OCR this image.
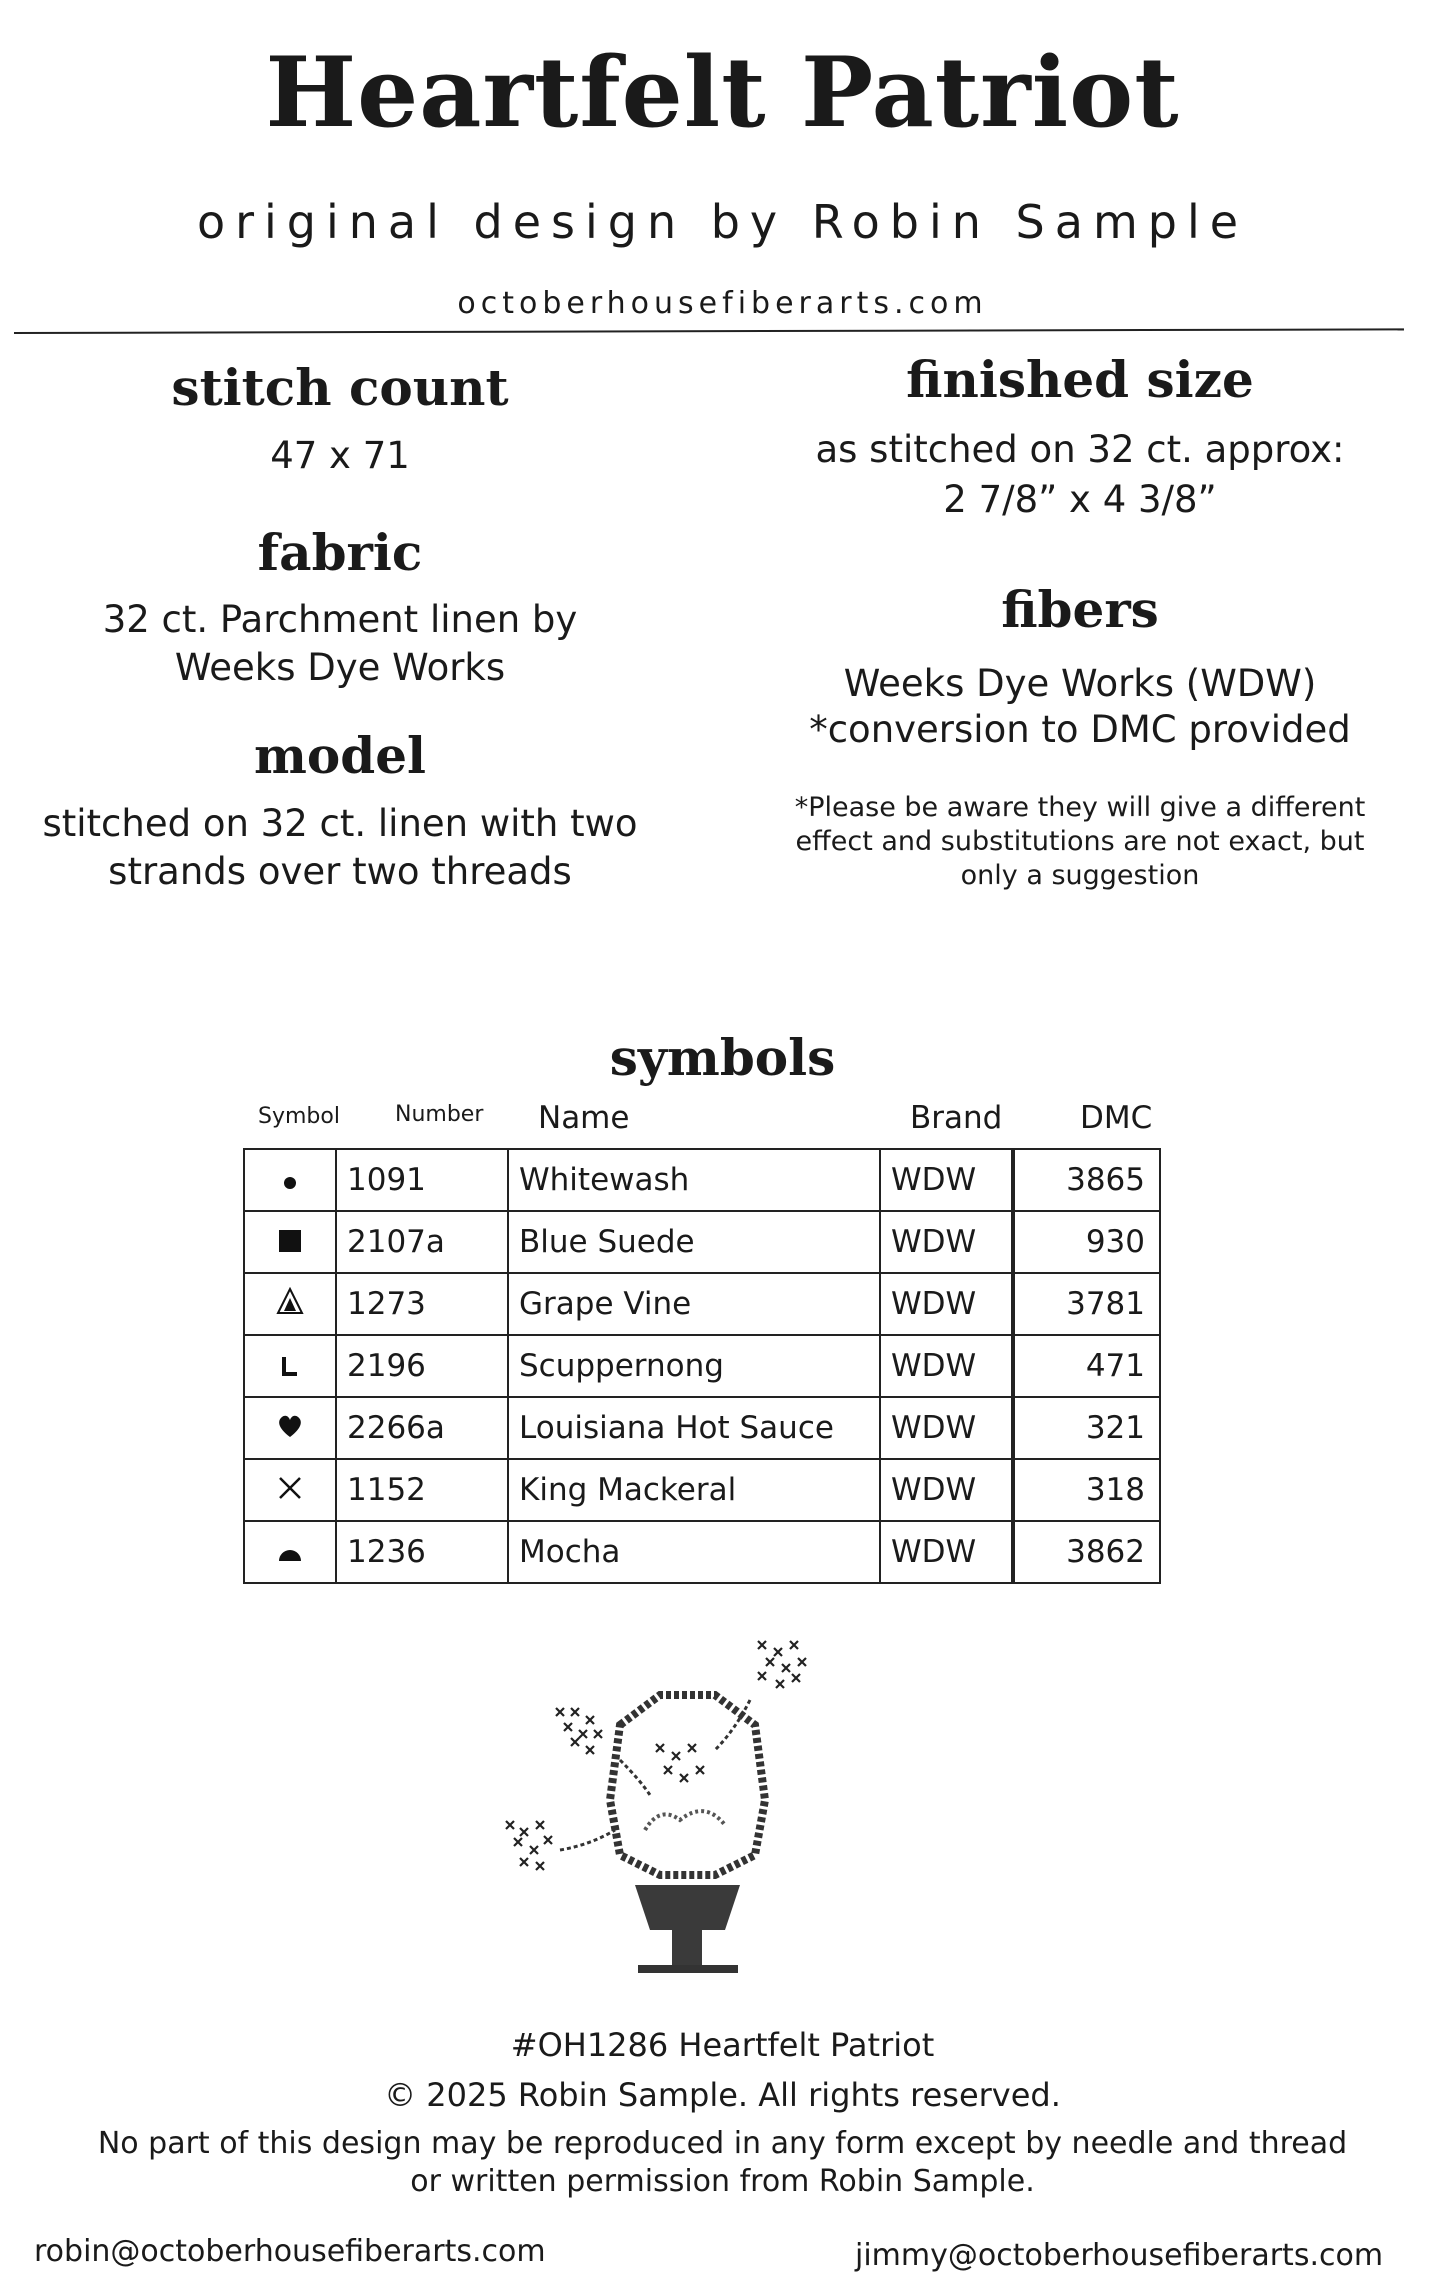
Heartfelt Patriot
original design by Robin Sample
octoberhousefiberarts.com
stitch count
47 x 71
fabric
32 ct. Parchment linen by
Weeks Dye Works
model
stitched on 32 ct. linen with two
strands over two threads
finished size
as stitched on 32 ct. approx:
2 7/8” x 4 3/8”
fibers
Weeks Dye Works (WDW)
*conversion to DMC provided
*Please be aware they will give a different
effect and substitutions are not exact, but
only a suggestion
symbols
Symbol	Number Name	Brand	DMC
	1091	Whitewash	WDW	3865
	2107a	Blue Suede	WDW	930
	1273	Grape Vine	WDW	3781
	2196	Scuppernong	WDW	471
	2266a	Louisiana Hot Sauce	WDW	321
	1152	King Mackeral	WDW	318
	1236	Mocha	WDW	3862
#OH1286 Heartfelt Patriot
© 2025 Robin Sample. All rights reserved.
No part of this design may be reproduced in any form except by needle and thread
or written permission from Robin Sample.
robin@octoberhousefiberarts.com	jimmy@octoberhousefiberarts.com
